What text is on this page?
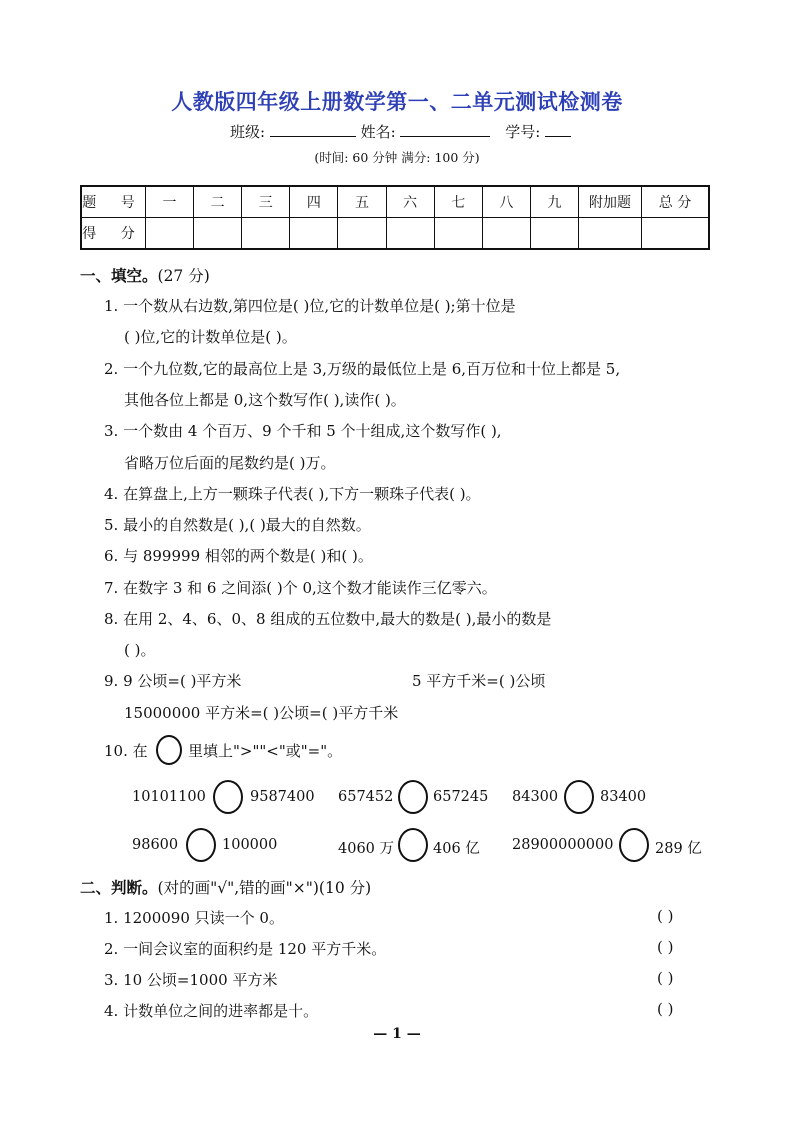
人教版四年级上册数学第一、二单元测试检测卷
班级:	姓名:	学号:
(时间: 60 分钟 满分: 100 分)
题 号	一	二	三	四	五	六	七	八	九	附加题	总 分
得 分											
一、填空。(27 分)
1. 一个数从右边数,第四位是( )位,它的计数单位是( );第十位是
( )位,它的计数单位是( )。
2. 一个九位数,它的最高位上是 3,万级的最低位上是 6,百万位和十位上都是 5,
其他各位上都是 0,这个数写作( ),读作( )。
3. 一个数由 4 个百万、9 个千和 5 个十组成,这个数写作( ),
省略万位后面的尾数约是( )万。
4. 在算盘上,上方一颗珠子代表( ),下方一颗珠子代表( )。
5. 最小的自然数是( ),( )最大的自然数。
6. 与 899999 相邻的两个数是( )和( )。
7. 在数字 3 和 6 之间添( )个 0,这个数才能读作三亿零六。
8. 在用 2、4、6、0、8 组成的五位数中,最大的数是( ),最小的数是
( )。
9. 9 公顷=( )平方米	5 平方千米=( )公顷
15000000 平方米=( )公顷=( )平方千米
10. 在	里填上">""<"或"="。
10101100	9587400 657452	657245 84300	83400
98600	100000	4060 万	406 亿 28900000000	289 亿
二、判断。(对的画"√",错的画"×")(10 分)
1. 1200090 只读一个 0。	( )
2. 一间会议室的面积约是 120 平方千米。	( )
3. 10 公顷=1000 平方米	( )
4. 计数单位之间的进率都是十。	( )
— 1 —
